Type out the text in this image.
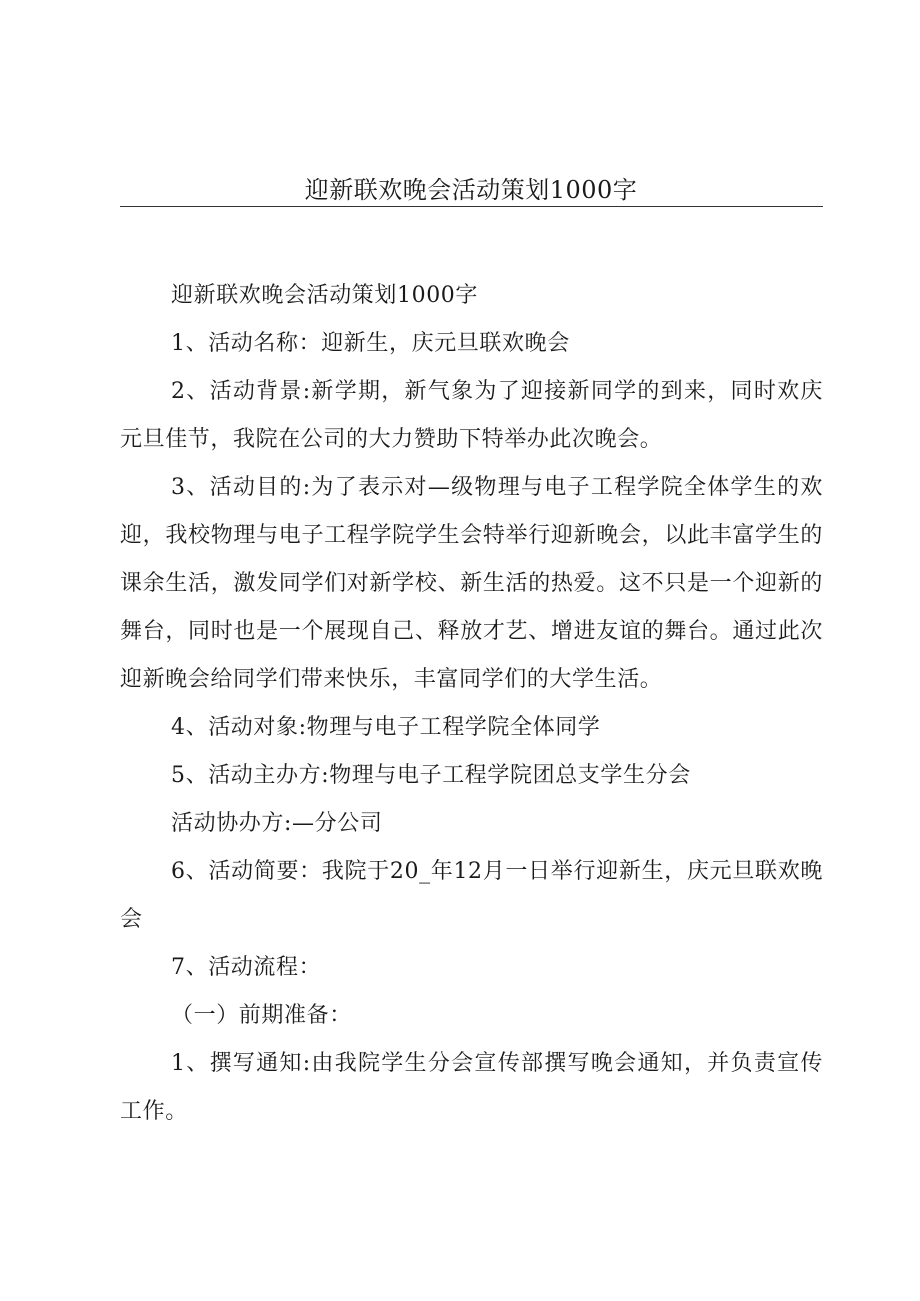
迎新联欢晚会活动策划1000字

迎新联欢晚会活动策划1000字

1、活动名称：迎新生，庆元旦联欢晚会

2、活动背景:新学期，新气象为了迎接新同学的到来，同时欢庆元旦佳节，我院在公司的大力赞助下特举办此次晚会。

3、活动目的:为了表示对—级物理与电子工程学院全体学生的欢迎，我校物理与电子工程学院学生会特举行迎新晚会，以此丰富学生的课余生活，激发同学们对新学校、新生活的热爱。这不只是一个迎新的舞台，同时也是一个展现自己、释放才艺、增进友谊的舞台。通过此次迎新晚会给同学们带来快乐，丰富同学们的大学生活。

4、活动对象:物理与电子工程学院全体同学

5、活动主办方:物理与电子工程学院团总支学生分会

活动协办方:—分公司

6、活动简要：我院于20_年12月一日举行迎新生，庆元旦联欢晚会

7、活动流程：

（一）前期准备：

1、撰写通知:由我院学生分会宣传部撰写晚会通知，并负责宣传工作。
